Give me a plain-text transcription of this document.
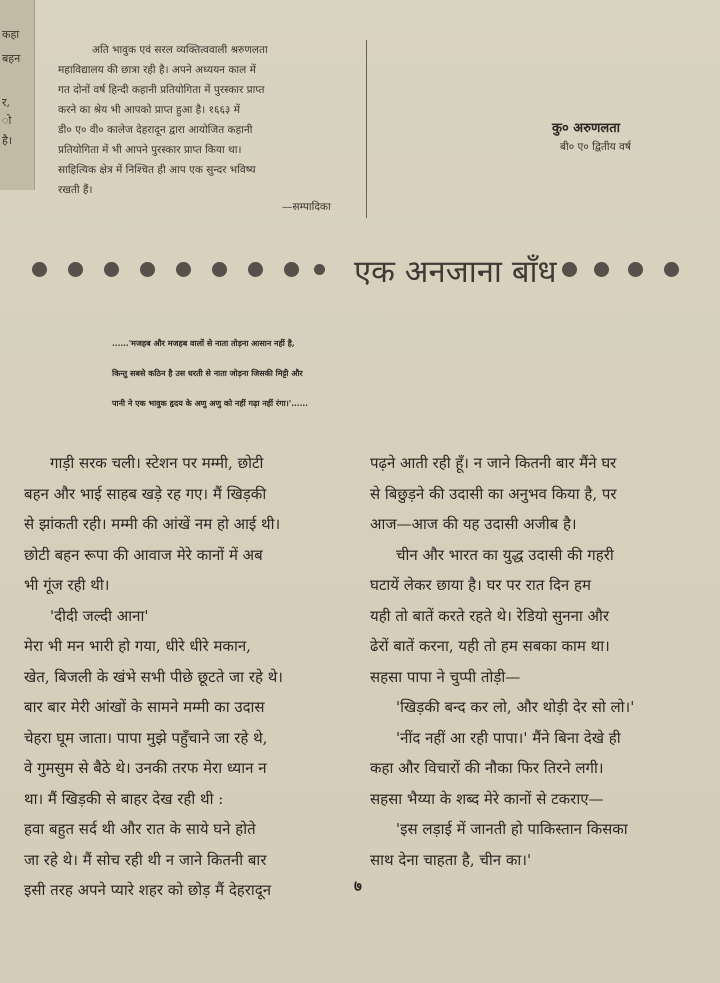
कहा
बहन
र,
ो
है।
अति भावुक एवं सरल व्यक्तित्ववाली श्ररुणलता
महाविद्यालय की छात्रा रही है। अपने अध्ययन काल में
गत दोनों वर्ष हिन्दी कहानी प्रतियोगिता में पुरस्कार प्राप्त
करने का श्रेय भी आपको प्राप्त हुआ है। १६६३ में
डी० ए० वी० कालेज देहरादून द्वारा आयोजित कहानी
प्रतियोगिता में भी आपने पुरस्कार प्राप्त किया था।
साहित्यिक क्षेत्र में निश्चित ही आप एक सुन्दर भविष्य
रखती हैं।
—सम्पादिका
कु० अरुणलता
बी० ए० द्वितीय वर्ष
एक अनजाना बाँध
......'मजहब और मजहब वालों से नाता तोड़ना आसान नहीं है,
किन्तु सबसे कठिन है उस धरती से नाता जोड़ना जिसकी मिट्टी और
पानी ने एक भावुक हृदय के अणु अणु को नहीं गढ़ा नहीं रंगा।'......
गाड़ी सरक चली। स्टेशन पर मम्मी, छोटी
बहन और भाई साहब खड़े रह गए। मैं खिड़की
से झांकती रही। मम्मी की आंखें नम हो आई थी।
छोटी बहन रूपा की आवाज मेरे कानों में अब
भी गूंज रही थी।
'दीदी जल्दी आना'
मेरा भी मन भारी हो गया, धीरे धीरे मकान,
खेत, बिजली के खंभे सभी पीछे छूटते जा रहे थे।
बार बार मेरी आंखों के सामने मम्मी का उदास
चेहरा घूम जाता। पापा मुझे पहुँचाने जा रहे थे,
वे गुमसुम से बैठे थे। उनकी तरफ मेरा ध्यान न
था। मैं खिड़की से बाहर देख रही थी :
हवा बहुत सर्द थी और रात के साये घने होते
जा रहे थे। मैं सोच रही थी न जाने कितनी बार
इसी तरह अपने प्यारे शहर को छोड़ मैं देहरादून
पढ़ने आती रही हूँ। न जाने कितनी बार मैंने घर
से बिछुड़ने की उदासी का अनुभव किया है, पर
आज—आज की यह उदासी अजीब है।
चीन और भारत का युद्ध उदासी की गहरी
घटायें लेकर छाया है। घर पर रात दिन हम
यही तो बातें करते रहते थे। रेडियो सुनना और
ढेरों बातें करना, यही तो हम सबका काम था।
सहसा पापा ने चुप्पी तोड़ी—
'खिड़की बन्द कर लो, और थोड़ी देर सो लो।'
'नींद नहीं आ रही पापा।' मैंने बिना देखे ही
कहा और विचारों की नौका फिर तिरने लगी।
सहसा भैय्या के शब्द मेरे कानों से टकराए—
'इस लड़ाई में जानती हो पाकिस्तान किसका
साथ देना चाहता है, चीन का।'
७
